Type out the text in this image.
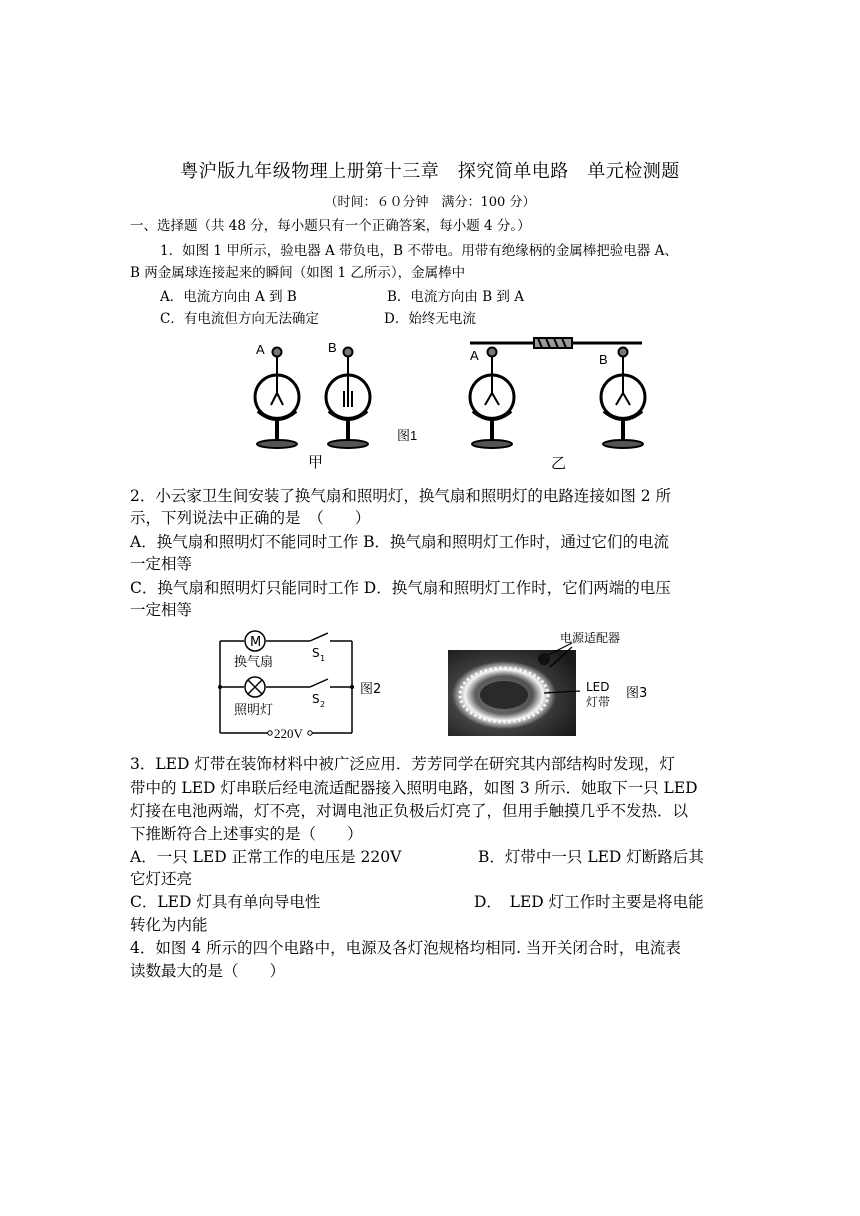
粤沪版九年级物理上册第十三章　探究简单电路　单元检测题
（时间：６０分钟　满分：100 分）
一、选择题（共 48 分，每小题只有一个正确答案，每小题 4 分。）
1．如图 1 甲所示，验电器 A 带负电，B 不带电。用带有绝缘柄的金属棒把验电器 A、
B 两金属球连接起来的瞬间（如图 1 乙所示），金属棒中
A．电流方向由 A 到 B	B．电流方向由 B 到 A
C．有电流但方向无法确定	D．始终无电流
A	B
A	B
图1
甲	乙
2．小云家卫生间安装了换气扇和照明灯，换气扇和照明灯的电路连接如图 2 所
示，下列说法中正确的是　（　　）
A．换气扇和照明灯不能同时工作 B．换气扇和照明灯工作时，通过它们的电流
一定相等
C．换气扇和照明灯只能同时工作 D．换气扇和照明灯工作时，它们两端的电压
一定相等
M
换气扇
照明灯
S 1
S 2
220V
图2
电源适配器
LED
灯带
图3
3．LED 灯带在装饰材料中被广泛应用．芳芳同学在研究其内部结构时发现，灯
带中的 LED 灯串联后经电流适配器接入照明电路，如图 3 所示．她取下一只 LED
灯接在电池两端，灯不亮，对调电池正负极后灯亮了，但用手触摸几乎不发热．以
下推断符合上述事实的是（　　）
A．一只 LED 正常工作的电压是 220V	B．灯带中一只 LED 灯断路后其
它灯还亮
C．LED 灯具有单向导电性	D．　LED 灯工作时主要是将电能
转化为内能
4．如图 4 所示的四个电路中，电源及各灯泡规格均相同. 当开关闭合时，电流表
读数最大的是（　　）
